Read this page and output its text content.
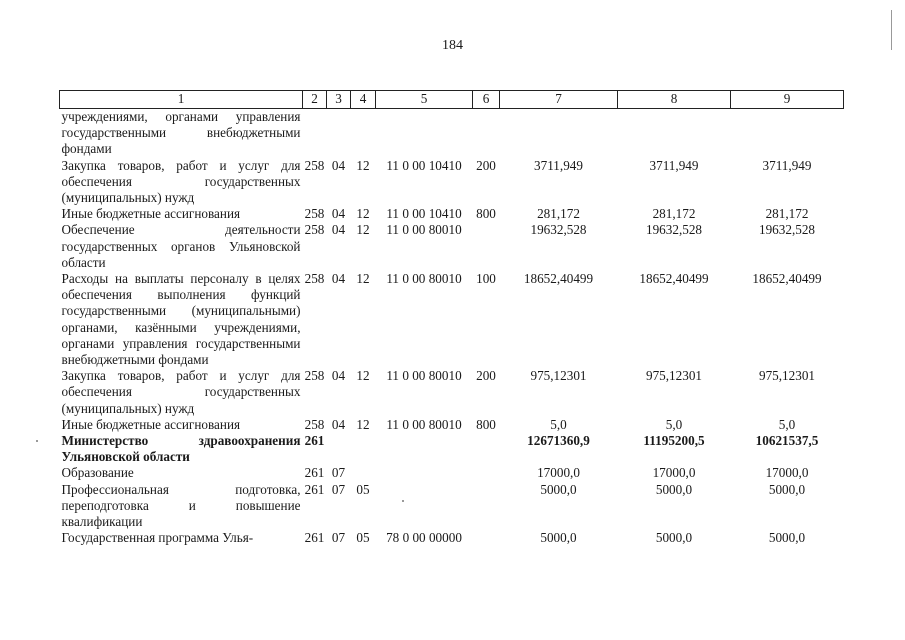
184
1	2	3	4	5	6	7	8	9
учреждениями, органами управления государственными внебюджетными фондами								
Закупка товаров, работ и услуг для обеспечения государственных (муниципальных) нужд	258	04	12	11 0 00 10410	200	3711,949	3711,949	3711,949
Иные бюджетные ассигнования	258	04	12	11 0 00 10410	800	281,172	281,172	281,172
Обеспечение деятельности государственных органов Ульяновской области	258	04	12	11 0 00 80010		19632,528	19632,528	19632,528
Расходы на выплаты персоналу в целях обеспечения выполнения функций государственными (муниципальными) органами, казёнными учреждениями, органами управления государственными внебюджетными фондами	258	04	12	11 0 00 80010	100	18652,40499	18652,40499	18652,40499
Закупка товаров, работ и услуг для обеспечения государственных (муниципальных) нужд	258	04	12	11 0 00 80010	200	975,12301	975,12301	975,12301
Иные бюджетные ассигнования	258	04	12	11 0 00 80010	800	5,0	5,0	5,0
Министерство здравоохранения Ульяновской области	261					12671360,9	11195200,5	10621537,5
Образование	261	07				17000,0	17000,0	17000,0
Профессиональная подготовка, переподготовка и повышение квалификации	261	07	05			5000,0	5000,0	5000,0
Государственная программа Улья-	261	07	05	78 0 00 00000		5000,0	5000,0	5000,0
